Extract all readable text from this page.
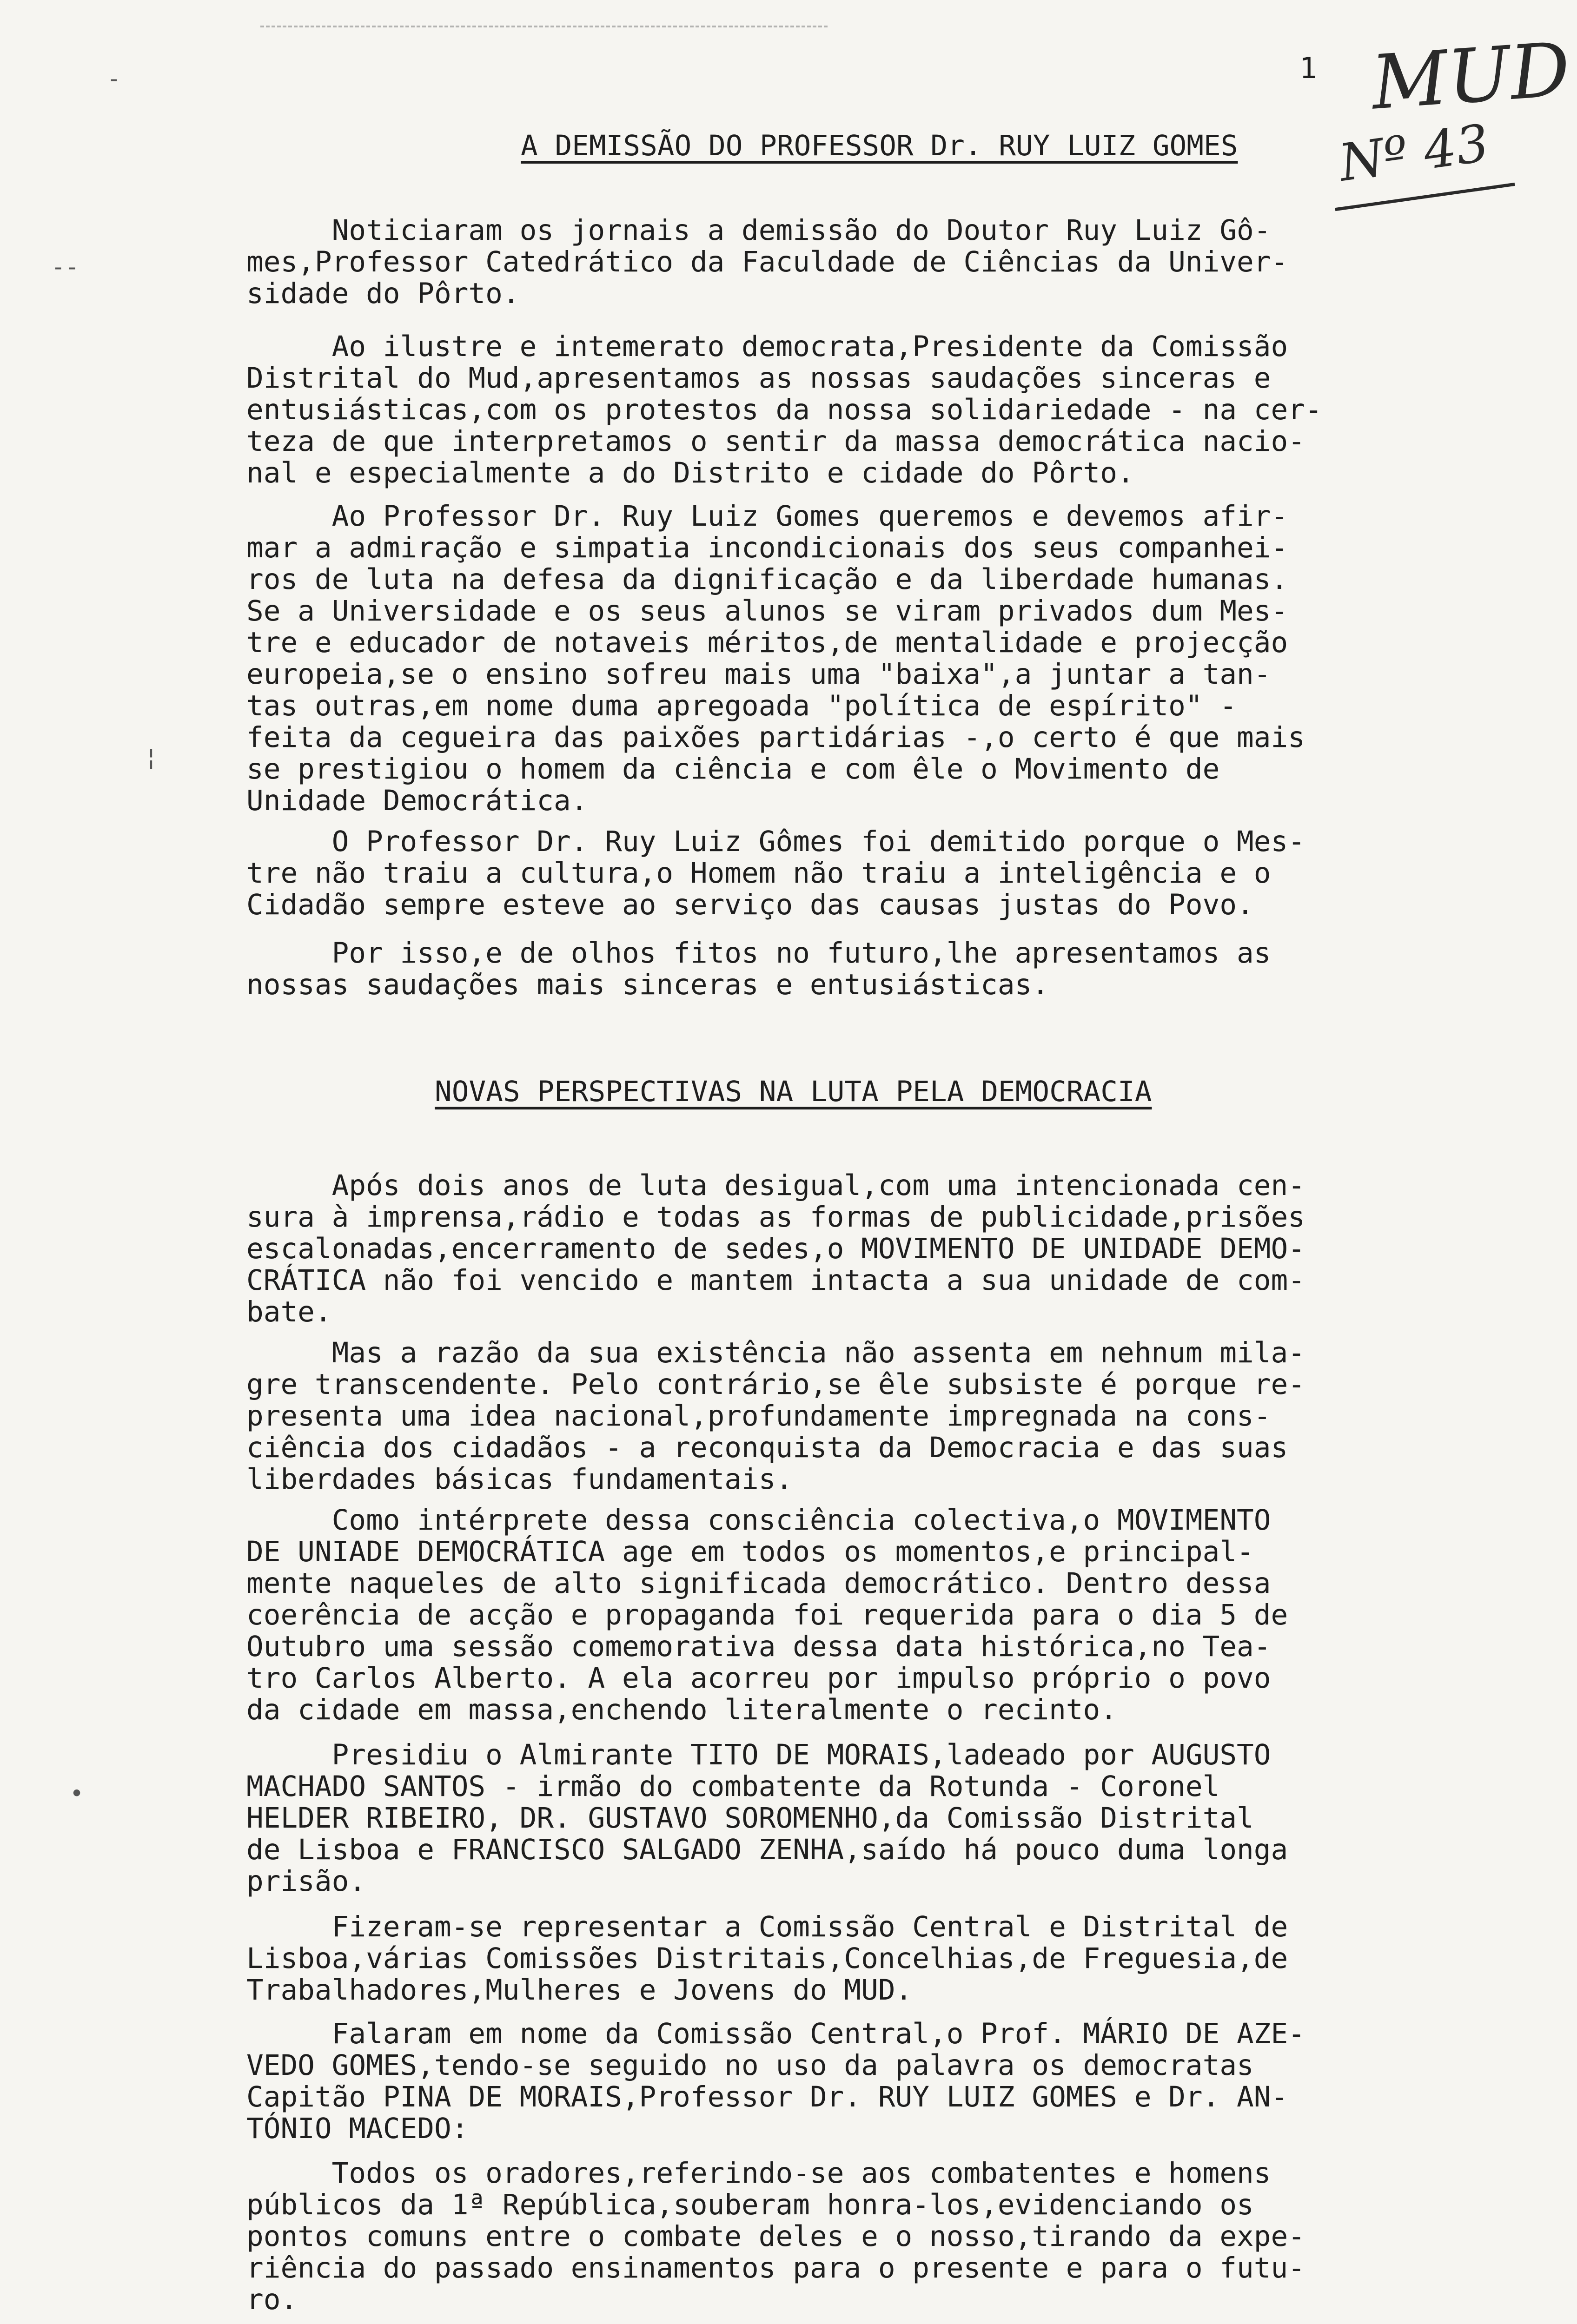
1 MUD
Nº 43
--
-
¦
•
A DEMISSÃO DO PROFESSOR Dr. RUY LUIZ GOMES
Noticiaram os jornais a demissão do Doutor Ruy Luiz Gô-
mes,Professor Catedrático da Faculdade de Ciências da Univer-
sidade do Pôrto.
Ao ilustre e intemerato democrata,Presidente da Comissão
Distrital do Mud,apresentamos as nossas saudações sinceras e
entusiásticas,com os protestos da nossa solidariedade - na cer-
teza de que interpretamos o sentir da massa democrática nacio-
nal e especialmente a do Distrito e cidade do Pôrto.
Ao Professor Dr. Ruy Luiz Gomes queremos e devemos afir-
mar a admiração e simpatia incondicionais dos seus companhei-
ros de luta na defesa da dignificação e da liberdade humanas.
Se a Universidade e os seus alunos se viram privados dum Mes-
tre e educador de notaveis méritos,de mentalidade e projecção
europeia,se o ensino sofreu mais uma "baixa",a juntar a tan-
tas outras,em nome duma apregoada "política de espírito" -
feita da cegueira das paixões partidárias -,o certo é que mais
se prestigiou o homem da ciência e com êle o Movimento de
Unidade Democrática.
O Professor Dr. Ruy Luiz Gômes foi demitido porque o Mes-
tre não traiu a cultura,o Homem não traiu a inteligência e o
Cidadão sempre esteve ao serviço das causas justas do Povo.
Por isso,e de olhos fitos no futuro,lhe apresentamos as
nossas saudações mais sinceras e entusiásticas.
NOVAS PERSPECTIVAS NA LUTA PELA DEMOCRACIA
Após dois anos de luta desigual,com uma intencionada cen-
sura à imprensa,rádio e todas as formas de publicidade,prisões
escalonadas,encerramento de sedes,o MOVIMENTO DE UNIDADE DEMO-
CRÁTICA não foi vencido e mantem intacta a sua unidade de com-
bate.
Mas a razão da sua existência não assenta em nehnum mila-
gre transcendente. Pelo contrário,se êle subsiste é porque re-
presenta uma idea nacional,profundamente impregnada na cons-
ciência dos cidadãos - a reconquista da Democracia e das suas
liberdades básicas fundamentais.
Como intérprete dessa consciência colectiva,o MOVIMENTO
DE UNIADE DEMOCRÁTICA age em todos os momentos,e principal-
mente naqueles de alto significada democrático. Dentro dessa
coerência de acção e propaganda foi requerida para o dia 5 de
Outubro uma sessão comemorativa dessa data histórica,no Tea-
tro Carlos Alberto. A ela acorreu por impulso próprio o povo
da cidade em massa,enchendo literalmente o recinto.
Presidiu o Almirante TITO DE MORAIS,ladeado por AUGUSTO
MACHADO SANTOS - irmão do combatente da Rotunda - Coronel
HELDER RIBEIRO, DR. GUSTAVO SOROMENHO,da Comissão Distrital
de Lisboa e FRANCISCO SALGADO ZENHA,saído há pouco duma longa
prisão.
Fizeram-se representar a Comissão Central e Distrital de
Lisboa,várias Comissões Distritais,Concelhias,de Freguesia,de
Trabalhadores,Mulheres e Jovens do MUD.
Falaram em nome da Comissão Central,o Prof. MÁRIO DE AZE-
VEDO GOMES,tendo-se seguido no uso da palavra os democratas
Capitão PINA DE MORAIS,Professor Dr. RUY LUIZ GOMES e Dr. AN-
TÓNIO MACEDO:
Todos os oradores,referindo-se aos combatentes e homens
públicos da 1ª República,souberam honra-los,evidenciando os
pontos comuns entre o combate deles e o nosso,tirando da expe-
riência do passado ensinamentos para o presente e para o futu-
ro.
